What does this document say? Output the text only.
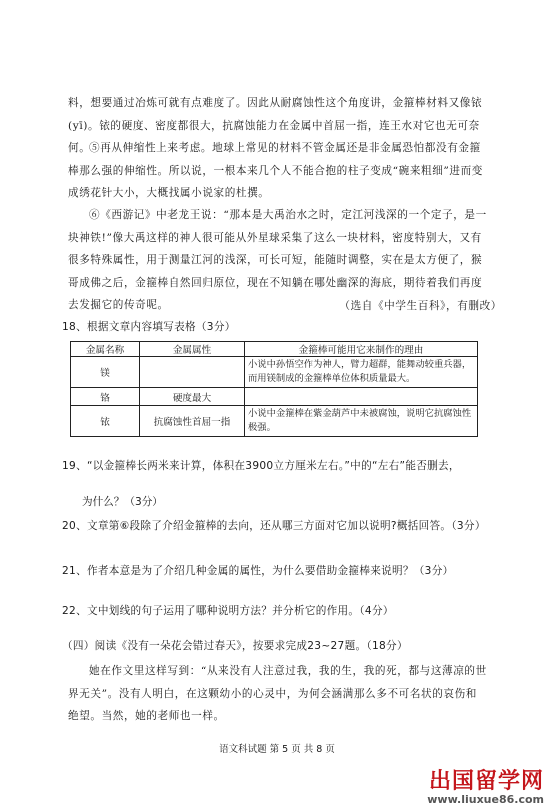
料，想要通过冶炼可就有点难度了。因此从耐腐蚀性这个角度讲，金箍棒材料又像铱(yī)。铱的硬度、密度都很大，抗腐蚀能力在金属中首屈一指，连王水对它也无可奈何。

⑤再从伸缩性上来考虑。地球上常见的材料不管金属还是非金属恐怕都没有金箍棒那么强的伸缩性。所以说，一根本来几个人不能合抱的柱子变成“碗来粗细”进而变成绣花针大小，大概找属小说家的杜撰。

⑥《西游记》中老龙王说：“那本是大禹治水之时，定江河浅深的一个定子，是一块神铁!”像大禹这样的神人很可能从外星球采集了这么一块材料，密度特别大，又有很多特殊属性，用于测量江河的浅深，可长可短，能随时调整，实在是太方便了，猴哥成佛之后，金箍棒自然回归原位，现在不知躺在哪处幽深的海底，期待着我们再度去发掘它的传奇呢。	（选自《中学生百科》，有删改）

18、根据文章内容填写表格（3分）

金属名称	金属属性	金箍棒可能用它来制作的理由
镁		小说中孙悟空作为神人，臂力超群，能舞动较重兵器，而用镁制成的金箍棒单位体积质量最大。
铬	硬度最大	
铱	抗腐蚀性首屈一指	小说中金箍棒在紫金葫芦中未被腐蚀，说明它抗腐蚀性极强。

19、“以金箍棒长两米来计算，体积在3900立方厘米左右。”中的“左右”能否删去，

为什么？（3分）

20、文章第⑥段除了介绍金箍棒的去向，还从哪三方面对它加以说明?概括回答。（3分）

21、作者本意是为了介绍几种金属的属性，为什么要借助金箍棒来说明？（3分）

22、文中划线的句子运用了哪种说明方法？并分析它的作用。（4分）

（四）阅读《没有一朵花会错过春天》，按要求完成23~27题。（18分）

她在作文里这样写到：“从来没有人注意过我，我的生，我的死，都与这薄凉的世界无关”。没有人明白，在这颗幼小的心灵中，为何会涵满那么多不可名状的哀伤和绝望。当然，她的老师也一样。

语文科试题 第 5 页 共 8 页
出国留学网
www.liuxue86.com
